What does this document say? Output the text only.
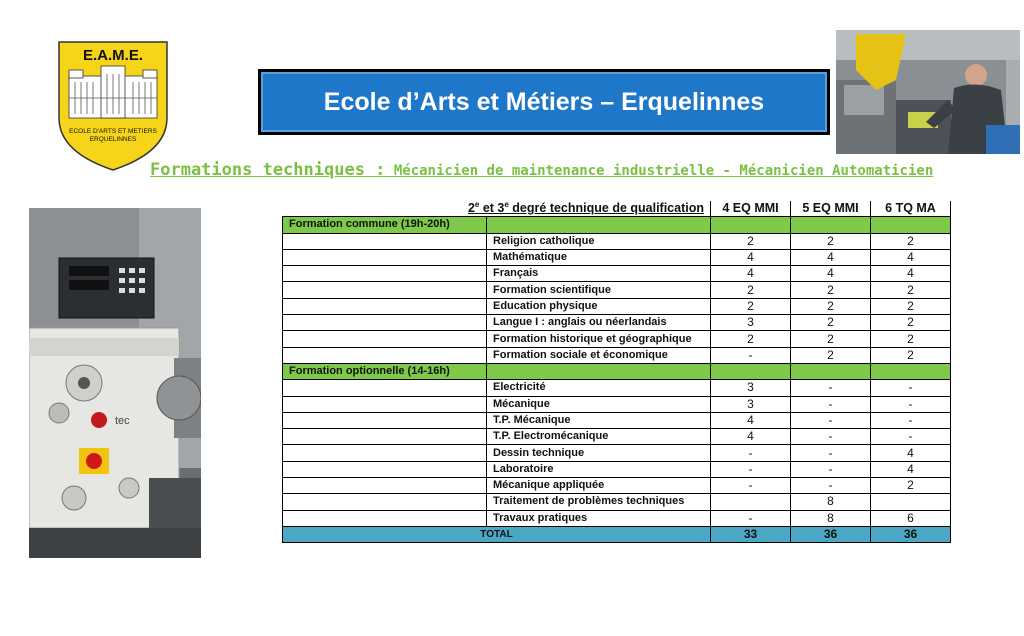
E.A.M.E.
ECOLE D'ARTS ET METIERS
ERQUELINNES
Ecole d’Arts et Métiers – Erquelinnes
Formations techniques : Mécanicien de maintenance industrielle - Mécanicien Automaticien
tec
2e et 3e degré technique de qualification		4 EQ MMI	5 EQ MMI	6 TQ MA
Formation commune (19h-20h)				
	Religion catholique	2	2	2
	Mathématique	4	4	4
	Français	4	4	4
	Formation scientifique	2	2	2
	Education physique	2	2	2
	Langue I : anglais ou néerlandais	3	2	2
	Formation historique et géographique	2	2	2
	Formation sociale et économique	-	2	2
Formation optionnelle (14-16h)				
	Electricité	3	-	-
	Mécanique	3	-	-
	T.P. Mécanique	4	-	-
	T.P. Electromécanique	4	-	-
	Dessin technique	-	-	4
	Laboratoire	-	-	4
	Mécanique appliquée	-	-	2
	Traitement de problèmes techniques		8	
	Travaux pratiques	-	8	6
TOTAL		33	36	36
